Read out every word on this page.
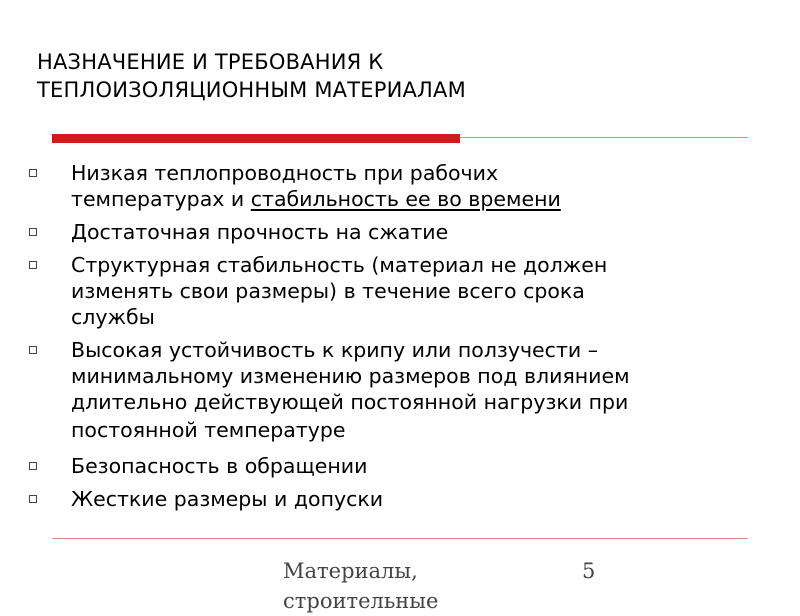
НАЗНАЧЕНИЕ И ТРЕБОВАНИЯ К
ТЕПЛОИЗОЛЯЦИОННЫМ МАТЕРИАЛАМ
Низкая теплопроводность при рабочих
температурах и стабильность ее во времени
Достаточная прочность на сжатие
Структурная стабильность (материал не должен
изменять свои размеры) в течение всего срока
службы
Высокая устойчивость к крипу или ползучести –
минимальному изменению размеров под влиянием
длительно действующей постоянной нагрузки при
постоянной температуре
Безопасность в обращении
Жесткие размеры и допуски
Материалы,
строительные
5
